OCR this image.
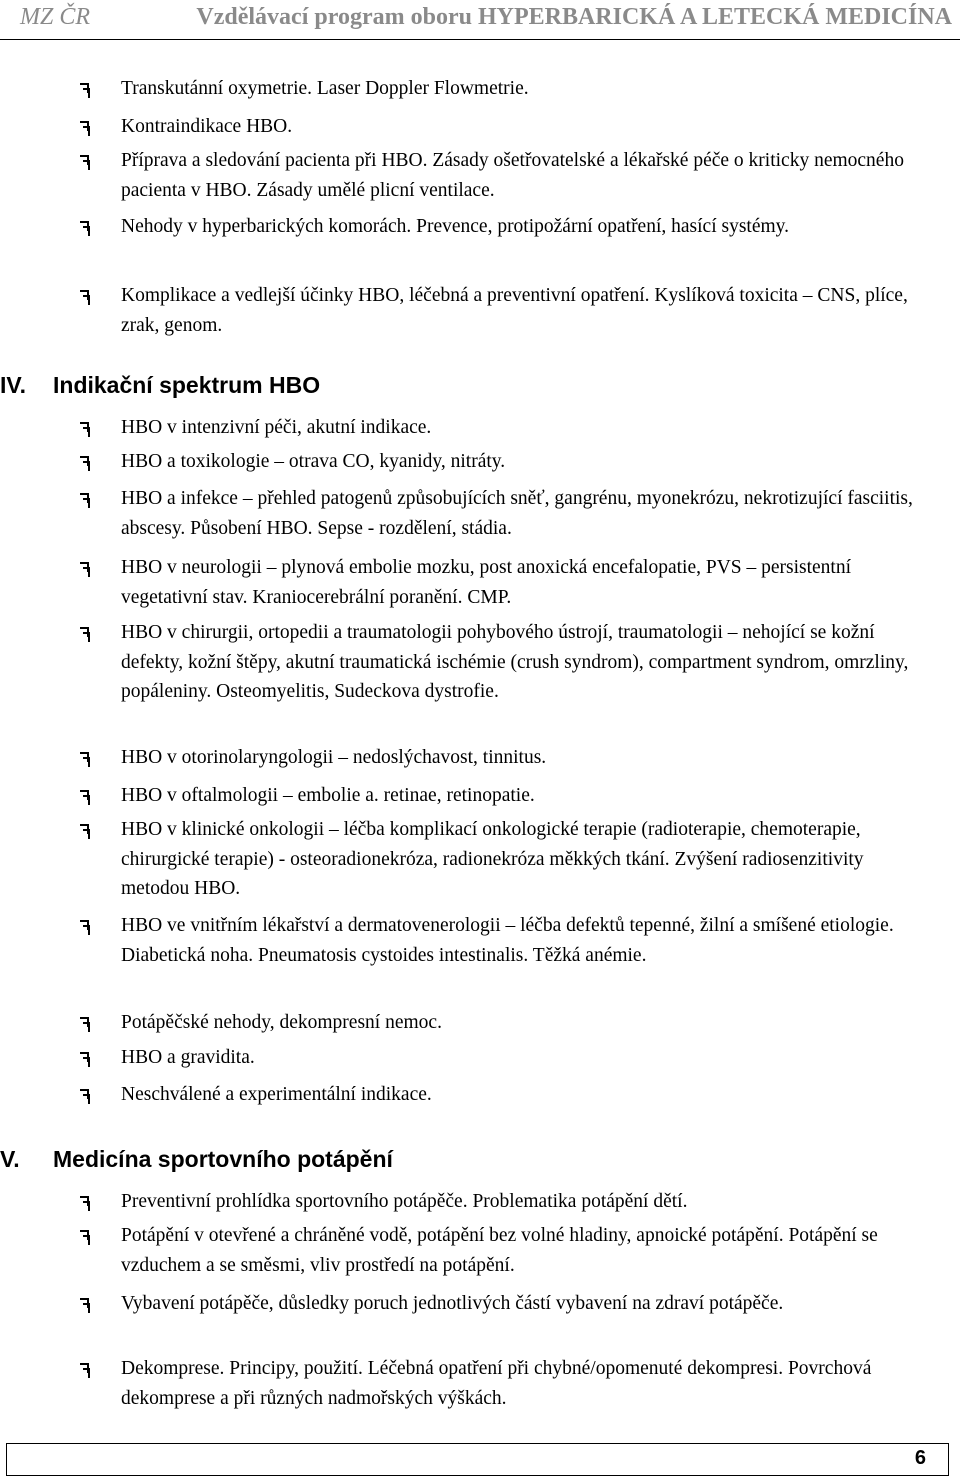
MZ ČR	Vzdělávací program oboru HYPERBARICKÁ A LETECKÁ MEDICÍNA
Transkutánní oxymetrie. Laser Doppler Flowmetrie.
Kontraindikace HBO.
Příprava a sledování pacienta při HBO. Zásady ošetřovatelské a lékařské péče o kriticky nemocného pacienta v HBO. Zásady umělé plicní ventilace.
Nehody v hyperbarických komorách. Prevence, protipožární opatření, hasící systémy.
Komplikace a vedlejší účinky HBO, léčebná a preventivní opatření. Kyslíková toxicita – CNS, plíce, zrak, genom.
IV. Indikační spektrum HBO
HBO v intenzivní péči, akutní indikace.
HBO a toxikologie – otrava CO, kyanidy, nitráty.
HBO a infekce – přehled patogenů způsobujících sněť, gangrénu, myonekrózu, nekrotizující fasciitis, abscesy. Působení HBO. Sepse - rozdělení, stádia.
HBO v neurologii – plynová embolie mozku, post anoxická encefalopatie, PVS – persistentní vegetativní stav. Kraniocerebrální poranění. CMP.
HBO v chirurgii, ortopedii a traumatologii pohybového ústrojí, traumatologii – nehojící se kožní defekty, kožní štěpy, akutní traumatická ischémie (crush syndrom), compartment syndrom, omrzliny, popáleniny. Osteomyelitis, Sudeckova dystrofie.
HBO v otorinolaryngologii – nedoslýchavost, tinnitus.
HBO v oftalmologii – embolie a. retinae, retinopatie.
HBO v klinické onkologii – léčba komplikací onkologické terapie (radioterapie, chemoterapie, chirurgické terapie) - osteoradionekróza, radionekróza měkkých tkání. Zvýšení radiosenzitivity metodou HBO.
HBO ve vnitřním lékařství a dermatovenerologii – léčba defektů tepenné, žilní a smíšené etiologie. Diabetická noha. Pneumatosis cystoides intestinalis. Těžká anémie.
Potápěčské nehody, dekompresní nemoc.
HBO a gravidita.
Neschválené a experimentální indikace.
V. Medicína sportovního potápění
Preventivní prohlídka sportovního potápěče. Problematika potápění dětí.
Potápění v otevřené a chráněné vodě, potápění bez volné hladiny, apnoické potápění. Potápění se vzduchem a se směsmi, vliv prostředí na potápění.
Vybavení potápěče, důsledky poruch jednotlivých částí vybavení na zdraví potápěče.
Dekomprese. Principy, použití. Léčebná opatření při chybné/opomenuté dekompresi. Povrchová dekomprese a při různých nadmořských výškách.
6
